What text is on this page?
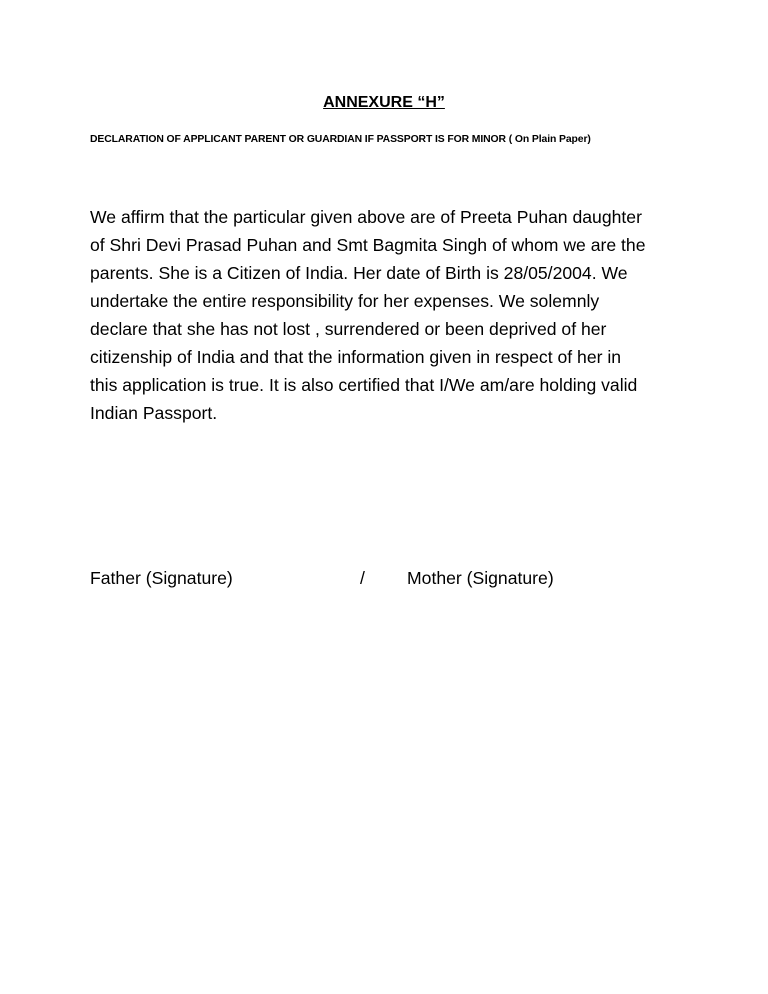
ANNEXURE “H”
DECLARATION OF APPLICANT PARENT OR GUARDIAN IF PASSPORT IS FOR MINOR ( On Plain Paper)
We affirm that the particular given above are of Preeta Puhan daughter
of Shri Devi Prasad Puhan and Smt Bagmita Singh of whom we are the
parents. She is a Citizen of India. Her date of Birth is 28/05/2004. We
undertake the entire responsibility for her expenses. We solemnly
declare that she has not lost , surrendered or been deprived of her
citizenship of India and that the information given in respect of her in
this application is true. It is also certified that I/We am/are holding valid
Indian Passport.
Father (Signature)	/ Mother (Signature)
